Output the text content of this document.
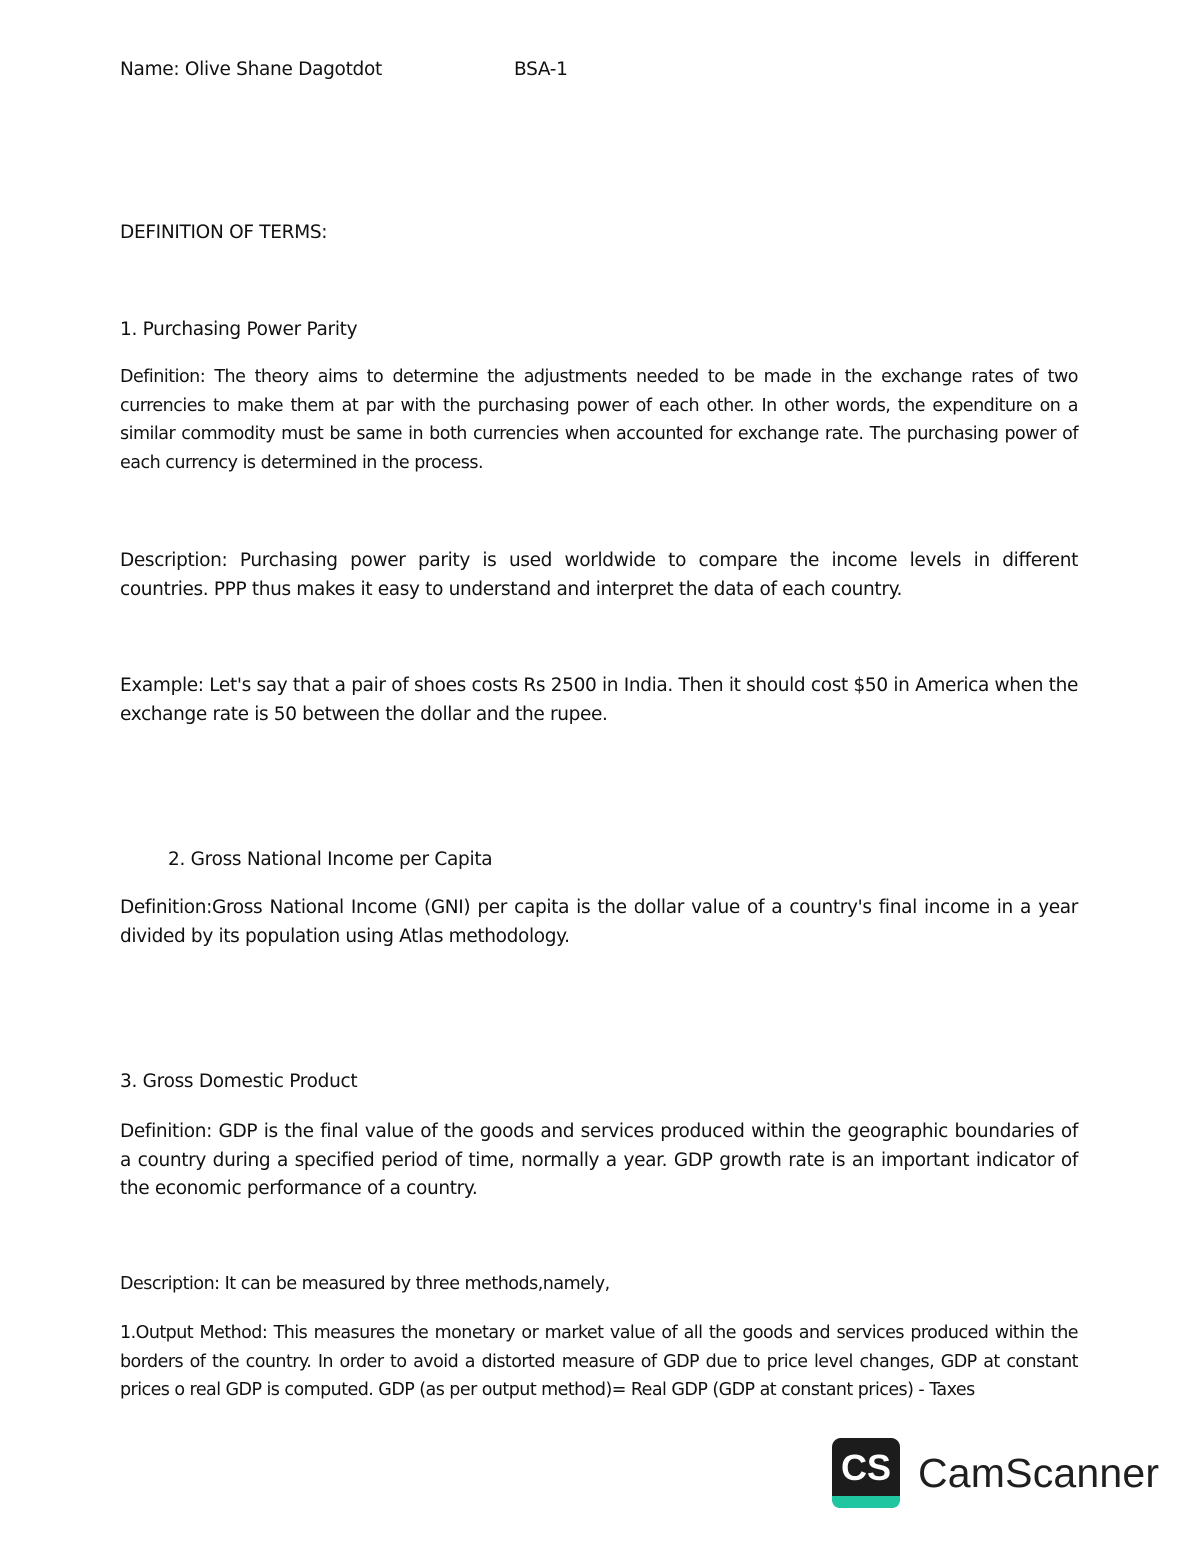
Name: Olive Shane Dagotdot	BSA-1
DEFINITION OF TERMS:
1. Purchasing Power Parity
Definition: The theory aims to determine the adjustments needed to be made in the exchange rates of two currencies to make them at par with the purchasing power of each other. In other words, the expenditure on a similar commodity must be same in both currencies when accounted for exchange rate. The purchasing power of each currency is determined in the process.
Description: Purchasing power parity is used worldwide to compare the income levels in different countries. PPP thus makes it easy to understand and interpret the data of each country.
Example: Let's say that a pair of shoes costs Rs 2500 in India. Then it should cost $50 in America when the exchange rate is 50 between the dollar and the rupee.
2. Gross National Income per Capita
Definition:Gross National Income (GNI) per capita is the dollar value of a country's final income in a year divided by its population using Atlas methodology.
3. Gross Domestic Product
Definition: GDP is the final value of the goods and services produced within the geographic boundaries of a country during a specified period of time, normally a year. GDP growth rate is an important indicator of the economic performance of a country.
Description: It can be measured by three methods,namely,
1.Output Method: This measures the monetary or market value of all the goods and services produced within the borders of the country. In order to avoid a distorted measure of GDP due to price level changes, GDP at constant prices o real GDP is computed. GDP (as per output method)= Real GDP (GDP at constant prices) - Taxes
CS CamScanner
